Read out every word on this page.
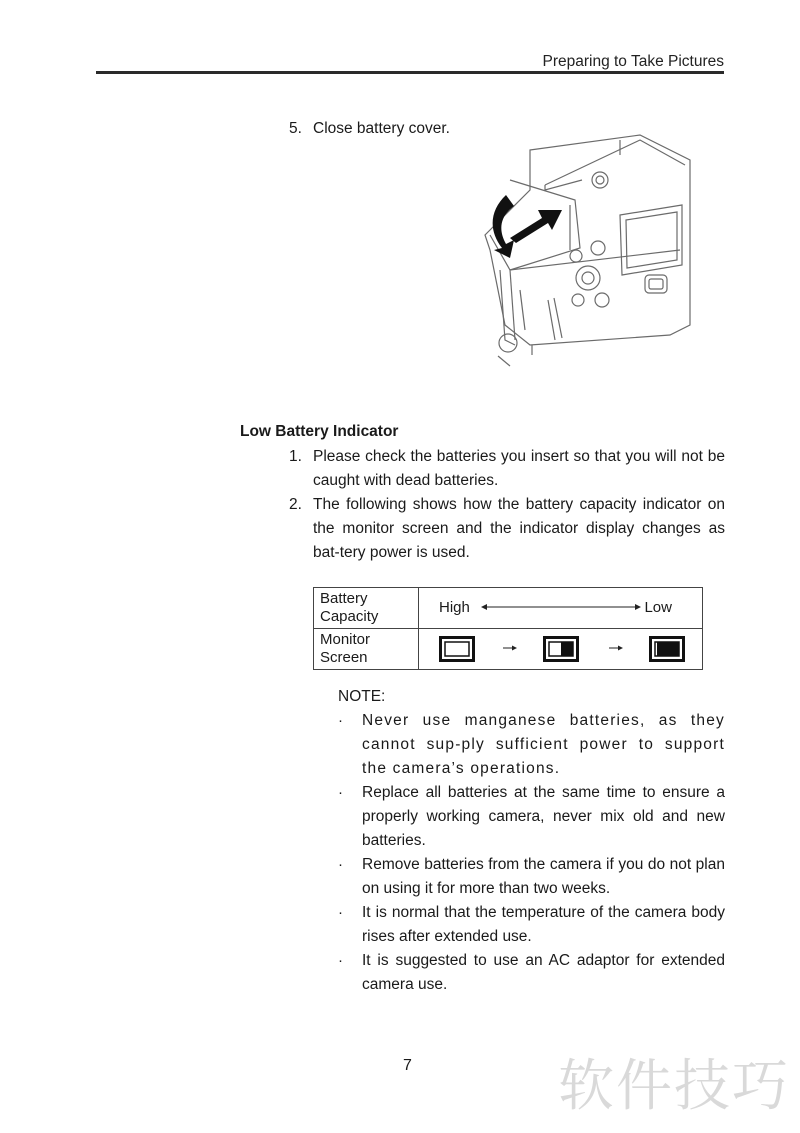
Preparing to Take Pictures
5. Close battery cover.
Low Battery Indicator
1. Please check the batteries you insert so that you will not be caught with dead batteries.
2. The following shows how the battery capacity indicator on the monitor screen and the indicator display changes as bat-tery power is used.
Battery Capacity	High Low

Monitor Screen	
NOTE:
· Never use manganese batteries, as they cannot sup-ply sufficient power to support the camera’s operations.
· Replace all batteries at the same time to ensure a properly working camera, never mix old and new batteries.
· Remove batteries from the camera if you do not plan on using it for more than two weeks.
· It is normal that the temperature of the camera body rises after extended use.
· It is suggested to use an AC adaptor for extended camera use.
7	软件技巧
